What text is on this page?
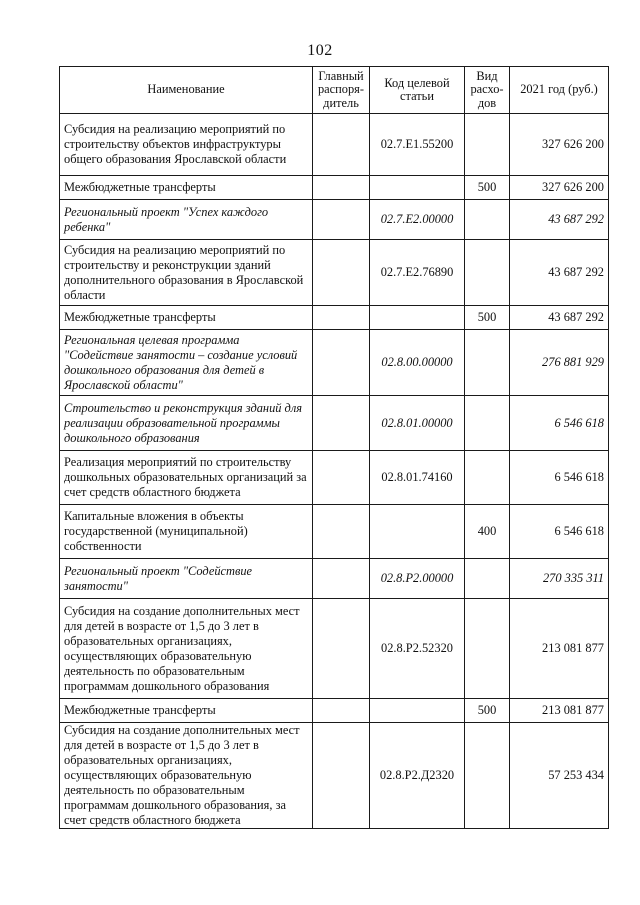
102
Наименование	Главный распоря-дитель	Код целевой статьи	Вид расхо-дов	2021 год (руб.)
Субсидия на реализацию мероприятий по строительству объектов инфраструктуры общего образования Ярославской области		02.7.E1.55200		327 626 200
Межбюджетные трансферты			500	327 626 200
Региональный проект "Успех каждого ребенка"		02.7.E2.00000		43 687 292
Субсидия на реализацию мероприятий по строительству и реконструкции зданий дополнительного образования в Ярославской области		02.7.E2.76890		43 687 292
Межбюджетные трансферты			500	43 687 292
Региональная целевая программа "Содействие занятости – создание условий дошкольного образования для детей в Ярославской области"		02.8.00.00000		276 881 929
Строительство и реконструкция зданий для реализации образовательной программы дошкольного образования		02.8.01.00000		6 546 618
Реализация мероприятий по строительству дошкольных образовательных организаций за счет средств областного бюджета		02.8.01.74160		6 546 618
Капитальные вложения в объекты государственной (муниципальной) собственности			400	6 546 618
Региональный проект "Содействие занятости"		02.8.P2.00000		270 335 311
Субсидия на создание дополнительных мест для детей в возрасте от 1,5 до 3 лет в образовательных организациях, осуществляющих образовательную деятельность по образовательным программам дошкольного образования		02.8.P2.52320		213 081 877
Межбюджетные трансферты			500	213 081 877
Субсидия на создание дополнительных мест для детей в возрасте от 1,5 до 3 лет в образовательных организациях, осуществляющих образовательную деятельность по образовательным программам дошкольного образования, за счет средств областного бюджета		02.8.P2.Д2320		57 253 434
